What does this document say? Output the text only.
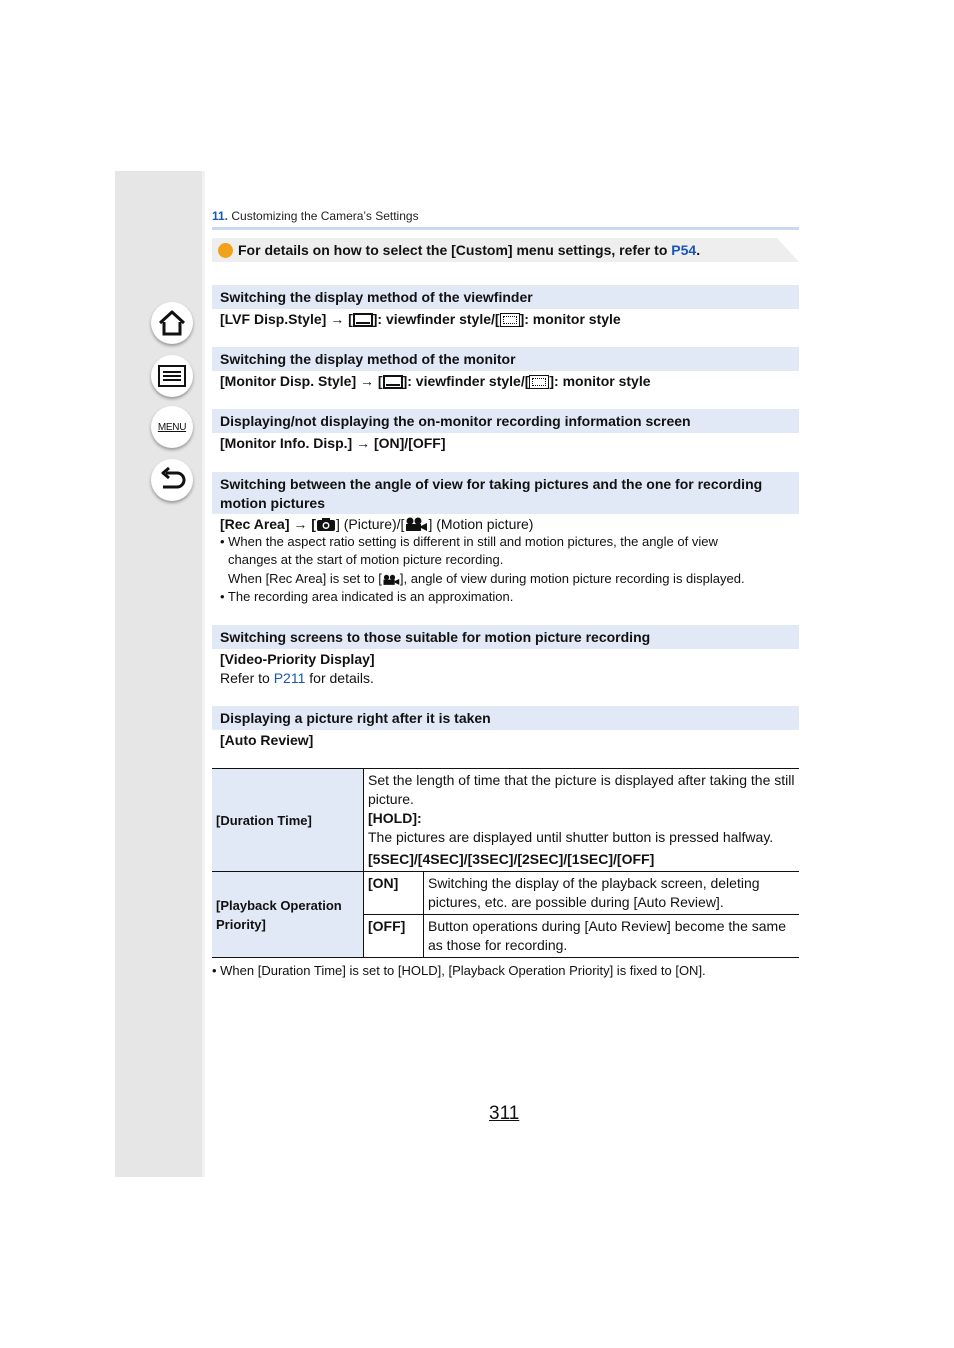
MENU
11. Customizing the Camera’s Settings
For details on how to select the [Custom] menu settings, refer to P54.
Switching the display method of the viewfinder
[LVF Disp.Style] → [ ]: viewfinder style/[ ]: monitor style
Switching the display method of the monitor
[Monitor Disp. Style] → [ ]: viewfinder style/[ ]: monitor style
Displaying/not displaying the on-monitor recording information screen
[Monitor Info. Disp.] → [ON]/[OFF]
Switching between the angle of view for taking pictures and the one for recording
motion pictures
[Rec Area] → [ ] (Picture)/[ ] (Motion picture)
• When the aspect ratio setting is different in still and motion pictures, the angle of view
changes at the start of motion picture recording.
When [Rec Area] is set to [ ], angle of view during motion picture recording is displayed.
• The recording area indicated is an approximation.
Switching screens to those suitable for motion picture recording
[Video-Priority Display]
Refer to P211 for details.
Displaying a picture right after it is taken
[Auto Review]
[Duration Time]	Set the length of time that the picture is displayed after taking the still picture.
[HOLD]:
The pictures are displayed until shutter button is pressed halfway.
[5SEC]/[4SEC]/[3SEC]/[2SEC]/[1SEC]/[OFF]	

[Playback Operation Priority]	[ON]	Switching the display of the playback screen, deleting pictures, etc. are possible during [Auto Review].
	[OFF]	Button operations during [Auto Review] become the same as those for recording.
• When [Duration Time] is set to [HOLD], [Playback Operation Priority] is fixed to [ON].
311
